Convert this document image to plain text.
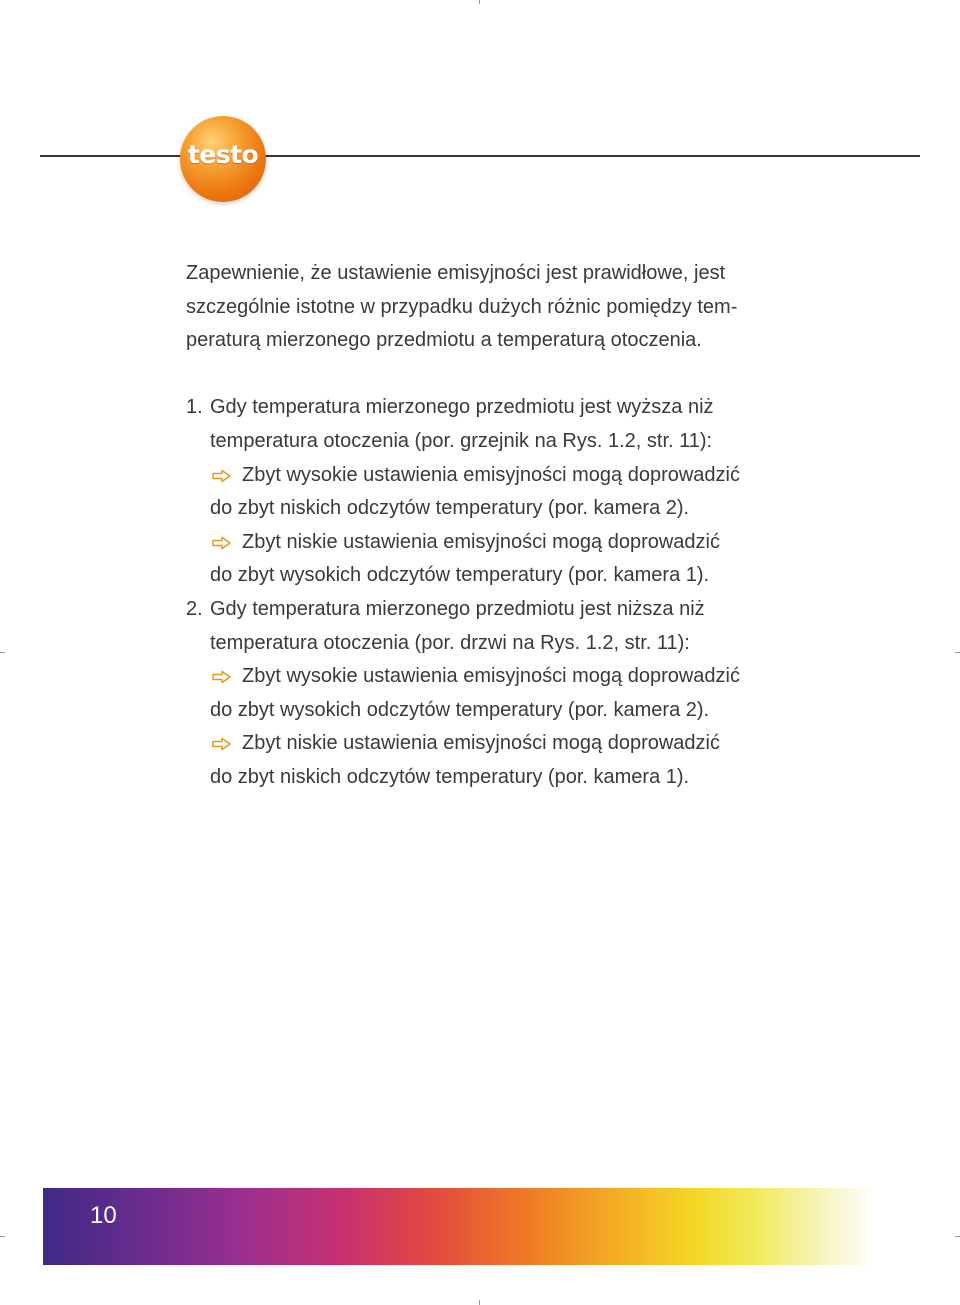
testo
Zapewnienie, że ustawienie emisyjności jest prawidłowe, jest
szczególnie istotne w przypadku dużych różnic pomiędzy tem-
peraturą mierzonego przedmiotu a temperaturą otoczenia.
1. Gdy temperatura mierzonego przedmiotu jest wyższa niż
temperatura otoczenia (por. grzejnik na Rys. 1.2, str. 11):
Zbyt wysokie ustawienia emisyjności mogą doprowadzić
do zbyt niskich odczytów temperatury (por. kamera 2).
Zbyt niskie ustawienia emisyjności mogą doprowadzić
do zbyt wysokich odczytów temperatury (por. kamera 1).
2. Gdy temperatura mierzonego przedmiotu jest niższa niż
temperatura otoczenia (por. drzwi na Rys. 1.2, str. 11):
Zbyt wysokie ustawienia emisyjności mogą doprowadzić
do zbyt wysokich odczytów temperatury (por. kamera 2).
Zbyt niskie ustawienia emisyjności mogą doprowadzić
do zbyt niskich odczytów temperatury (por. kamera 1).
10
